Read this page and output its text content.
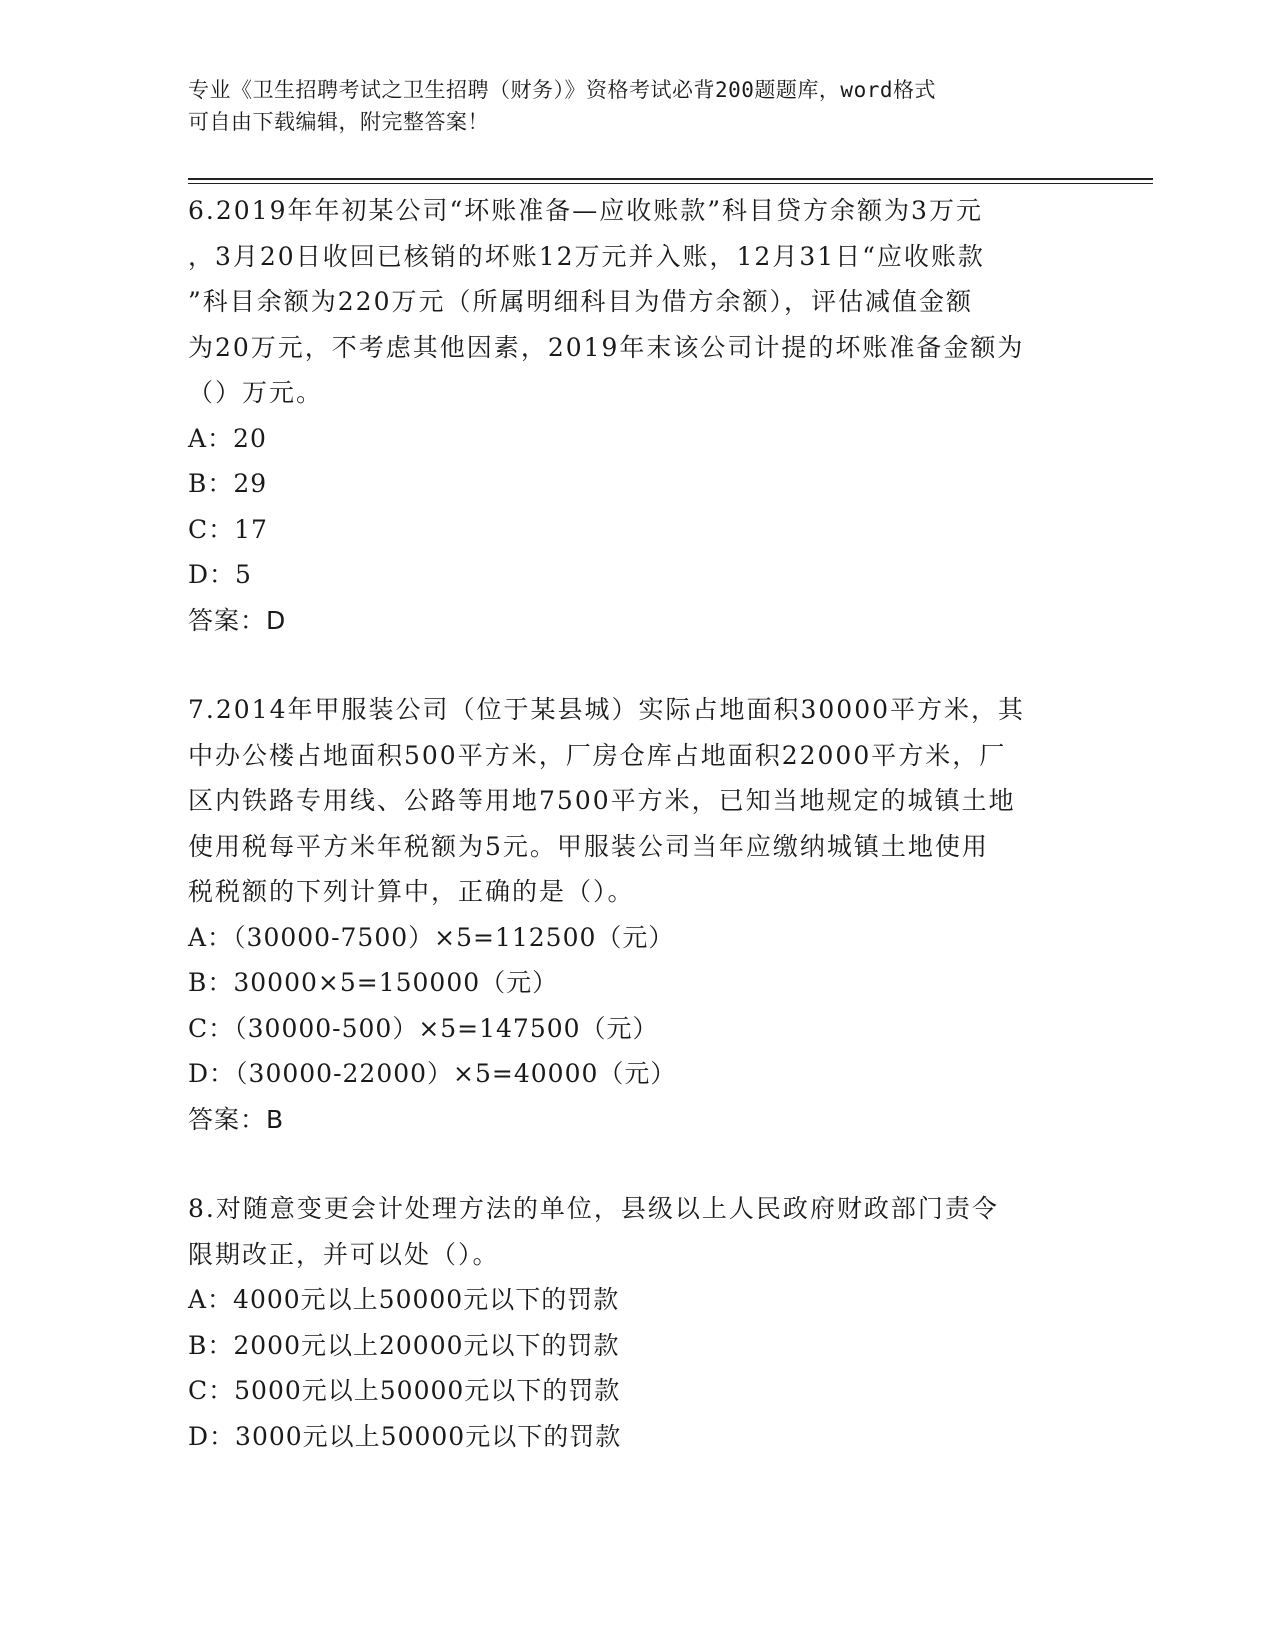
专业《卫生招聘考试之卫生招聘（财务）》资格考试必背200题题库，word格式
可自由下载编辑，附完整答案！
6.2019年年初某公司“坏账准备—应收账款”科目贷方余额为3万元
，3月20日收回已核销的坏账12万元并入账，12月31日“应收账款
”科目余额为220万元（所属明细科目为借方余额），评估减值金额
为20万元，不考虑其他因素，2019年末该公司计提的坏账准备金额为
（）万元。
A：20
B：29
C：17
D：5
答案：D
7.2014年甲服装公司（位于某县城）实际占地面积30000平方米，其
中办公楼占地面积500平方米，厂房仓库占地面积22000平方米，厂
区内铁路专用线、公路等用地7500平方米，已知当地规定的城镇土地
使用税每平方米年税额为5元。甲服装公司当年应缴纳城镇土地使用
税税额的下列计算中，正确的是（）。
A：（30000-7500）×5=112500（元）
B：30000×5=150000（元）
C：（30000-500）×5=147500（元）
D：（30000-22000）×5=40000（元）
答案：B
8.对随意变更会计处理方法的单位，县级以上人民政府财政部门责令
限期改正，并可以处（）。
A：4000元以上50000元以下的罚款
B：2000元以上20000元以下的罚款
C：5000元以上50000元以下的罚款
D：3000元以上50000元以下的罚款
